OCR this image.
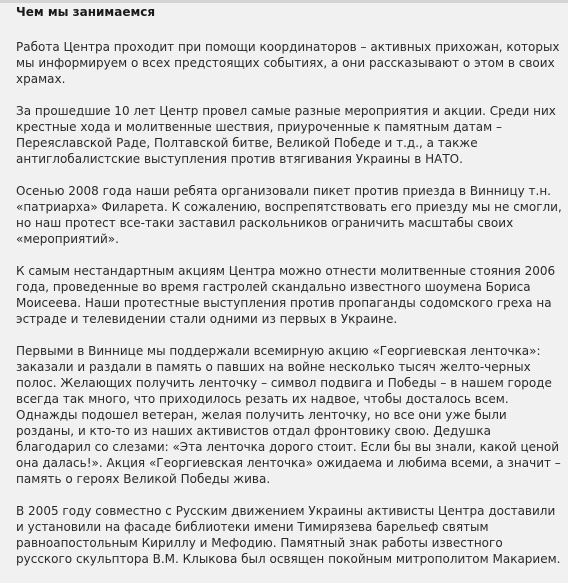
Чем мы занимаемся

Работа Центра проходит при помощи координаторов – активных прихожан, которых мы информируем о всех предстоящих событиях, а они рассказывают о этом в своих храмах.

За прошедшие 10 лет Центр провел самые разные мероприятия и акции. Среди них крестные хода и молитвенные шествия, приуроченные к памятным датам – Переяславской Раде, Полтавской битве, Великой Победе и т.д., а также антиглобалистские выступления против втягивания Украины в НАТО.

Осенью 2008 года наши ребята организовали пикет против приезда в Винницу т.н. «патриарха» Филарета. К сожалению, воспрепятствовать его приезду мы не смогли, но наш протест все-таки заставил раскольников ограничить масштабы своих «мероприятий».

К самым нестандартным акциям Центра можно отнести молитвенные стояния 2006 года, проведенные во время гастролей скандально известного шоумена Бориса Моисеева. Наши протестные выступления против пропаганды содомского греха на эстраде и телевидении стали одними из первых в Украине.

Первыми в Виннице мы поддержали всемирную акцию «Георгиевская ленточка»: заказали и раздали в память о павших на войне несколько тысяч желто-черных полос. Желающих получить ленточку – символ подвига и Победы – в нашем городе всегда так много, что приходилось резать их надвое, чтобы досталось всем. Однажды подошел ветеран, желая получить ленточку, но все они уже были розданы, и кто-то из наших активистов отдал фронтовику свою. Дедушка благодарил со слезами: «Эта ленточка дорого стоит. Если бы вы знали, какой ценой она далась!». Акция «Георгиевская ленточка» ожидаема и любима всеми, а значит – память о героях Великой Победы жива.

В 2005 году совместно с Русским движением Украины активисты Центра доставили и установили на фасаде библиотеки имени Тимирязева барельеф святым равноапостольным Кириллу и Мефодию. Памятный знак работы известного русского скульптора В.М. Клыкова был освящен покойным митрополитом Макарием.
